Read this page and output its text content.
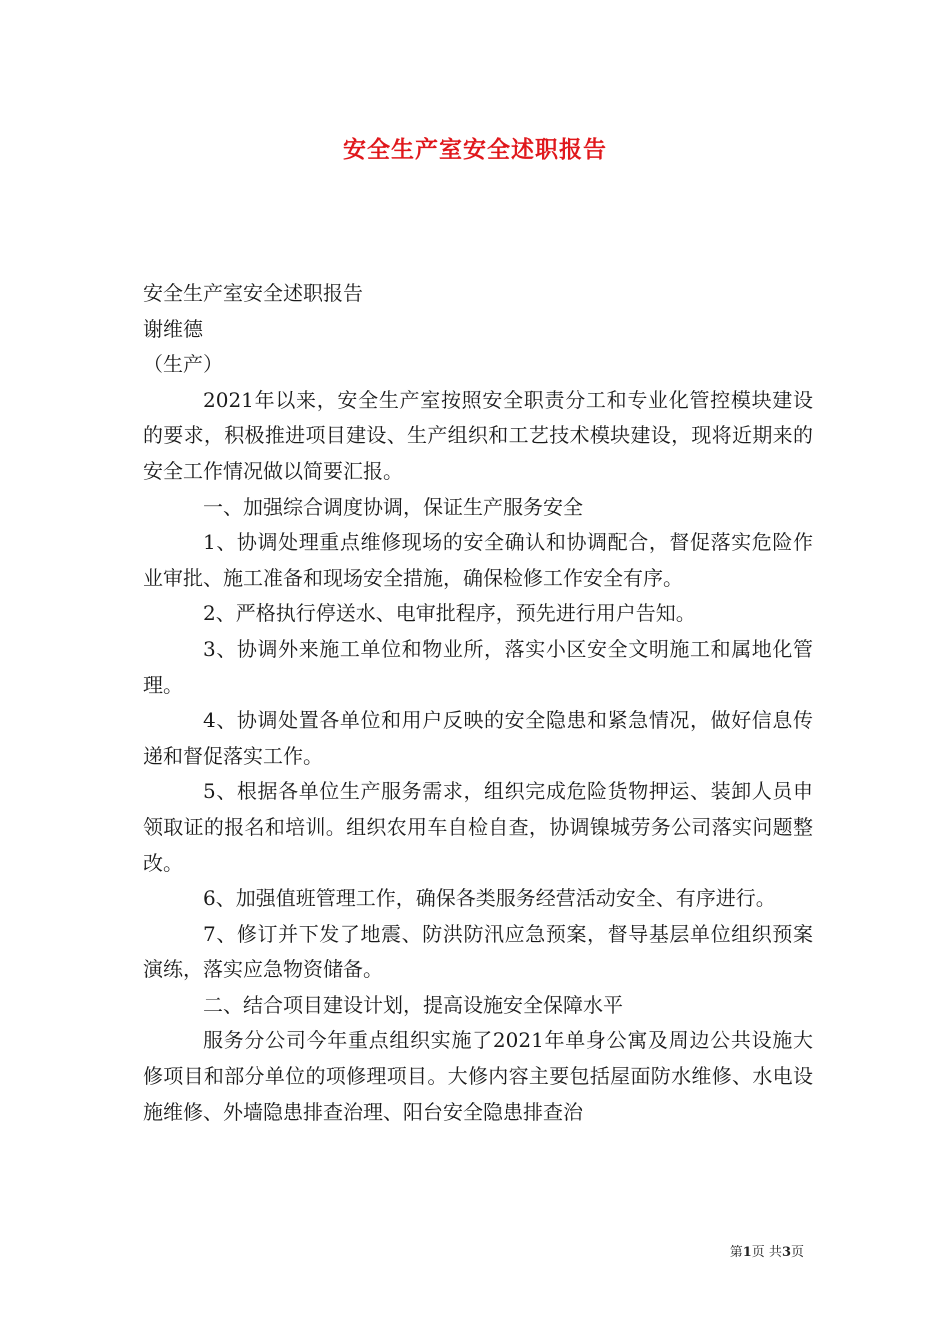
安全生产室安全述职报告

安全生产室安全述职报告

谢维德

（生产）

2021年以来，安全生产室按照安全职责分工和专业化管控模块建设的要求，积极推进项目建设、生产组织和工艺技术模块建设，现将近期来的安全工作情况做以简要汇报。

一、加强综合调度协调，保证生产服务安全

1、协调处理重点维修现场的安全确认和协调配合，督促落实危险作业审批、施工准备和现场安全措施，确保检修工作安全有序。

2、严格执行停送水、电审批程序，预先进行用户告知。

3、协调外来施工单位和物业所，落实小区安全文明施工和属地化管理。

4、协调处置各单位和用户反映的安全隐患和紧急情况，做好信息传递和督促落实工作。

5、根据各单位生产服务需求，组织完成危险货物押运、装卸人员申领取证的报名和培训。组织农用车自检自查，协调镍城劳务公司落实问题整改。

6、加强值班管理工作，确保各类服务经营活动安全、有序进行。

7、修订并下发了地震、防洪防汛应急预案，督导基层单位组织预案演练，落实应急物资储备。

二、结合项目建设计划，提高设施安全保障水平

服务分公司今年重点组织实施了2021年单身公寓及周边公共设施大修项目和部分单位的项修理项目。大修内容主要包括屋面防水维修、水电设施维修、外墙隐患排查治理、阳台安全隐患排查治

第1页 共3页
